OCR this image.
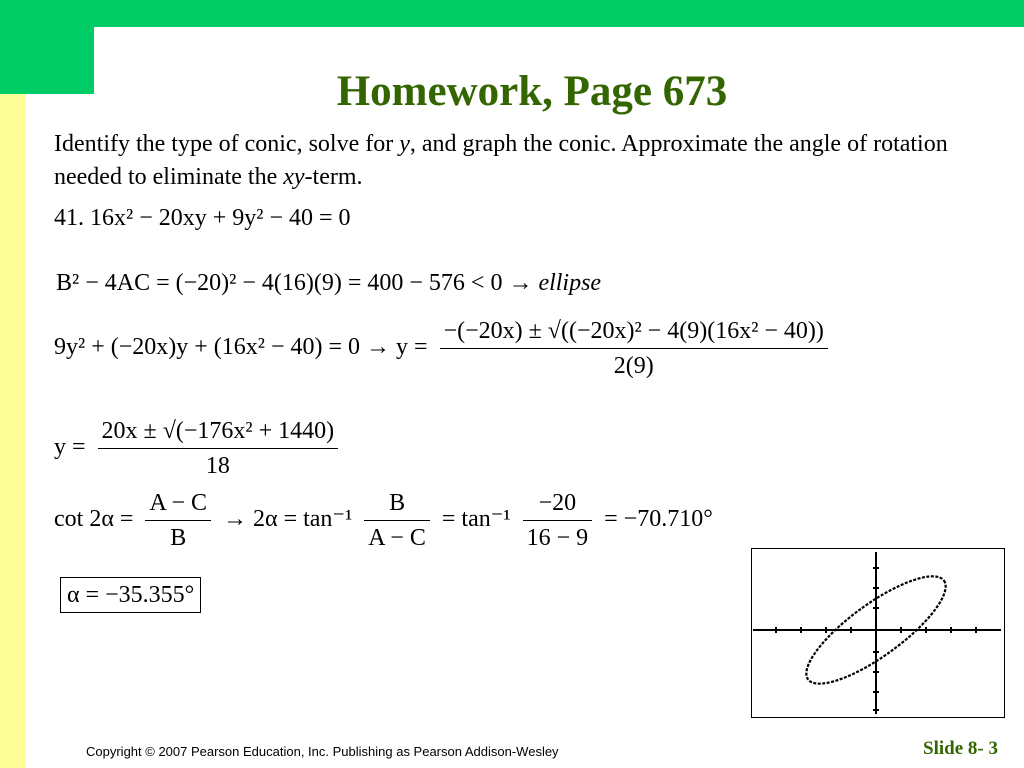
Homework, Page 673
Identify the type of conic, solve for y, and graph the conic. Approximate the angle of rotation needed to eliminate the xy-term.
41. 16x² − 20xy + 9y² − 40 = 0
B² − 4AC = (−20)² − 4(16)(9) = 400 − 576 < 0 → ellipse
$9y^2 + (-20x)y + (16x^2 - 40) = 0 \to y = \frac{\text{−(−20x) ± √((−20x)² − 4(9)(16x² − 40))}}{2(9)}$
$y = \frac{\text{20x ± √(−176x² + 1440)}}{18}$
$\cot 2\alpha = \frac{A - C}{B} \to 2\alpha = \tan^{-1} \frac{B}{A - C} = \tan^{-1} \frac{-20}{16 - 9} = -70.710^\circ$
α = −35.355°
Copyright © 2007 Pearson Education, Inc. Publishing as Pearson Addison-Wesley	Slide 8- 3
